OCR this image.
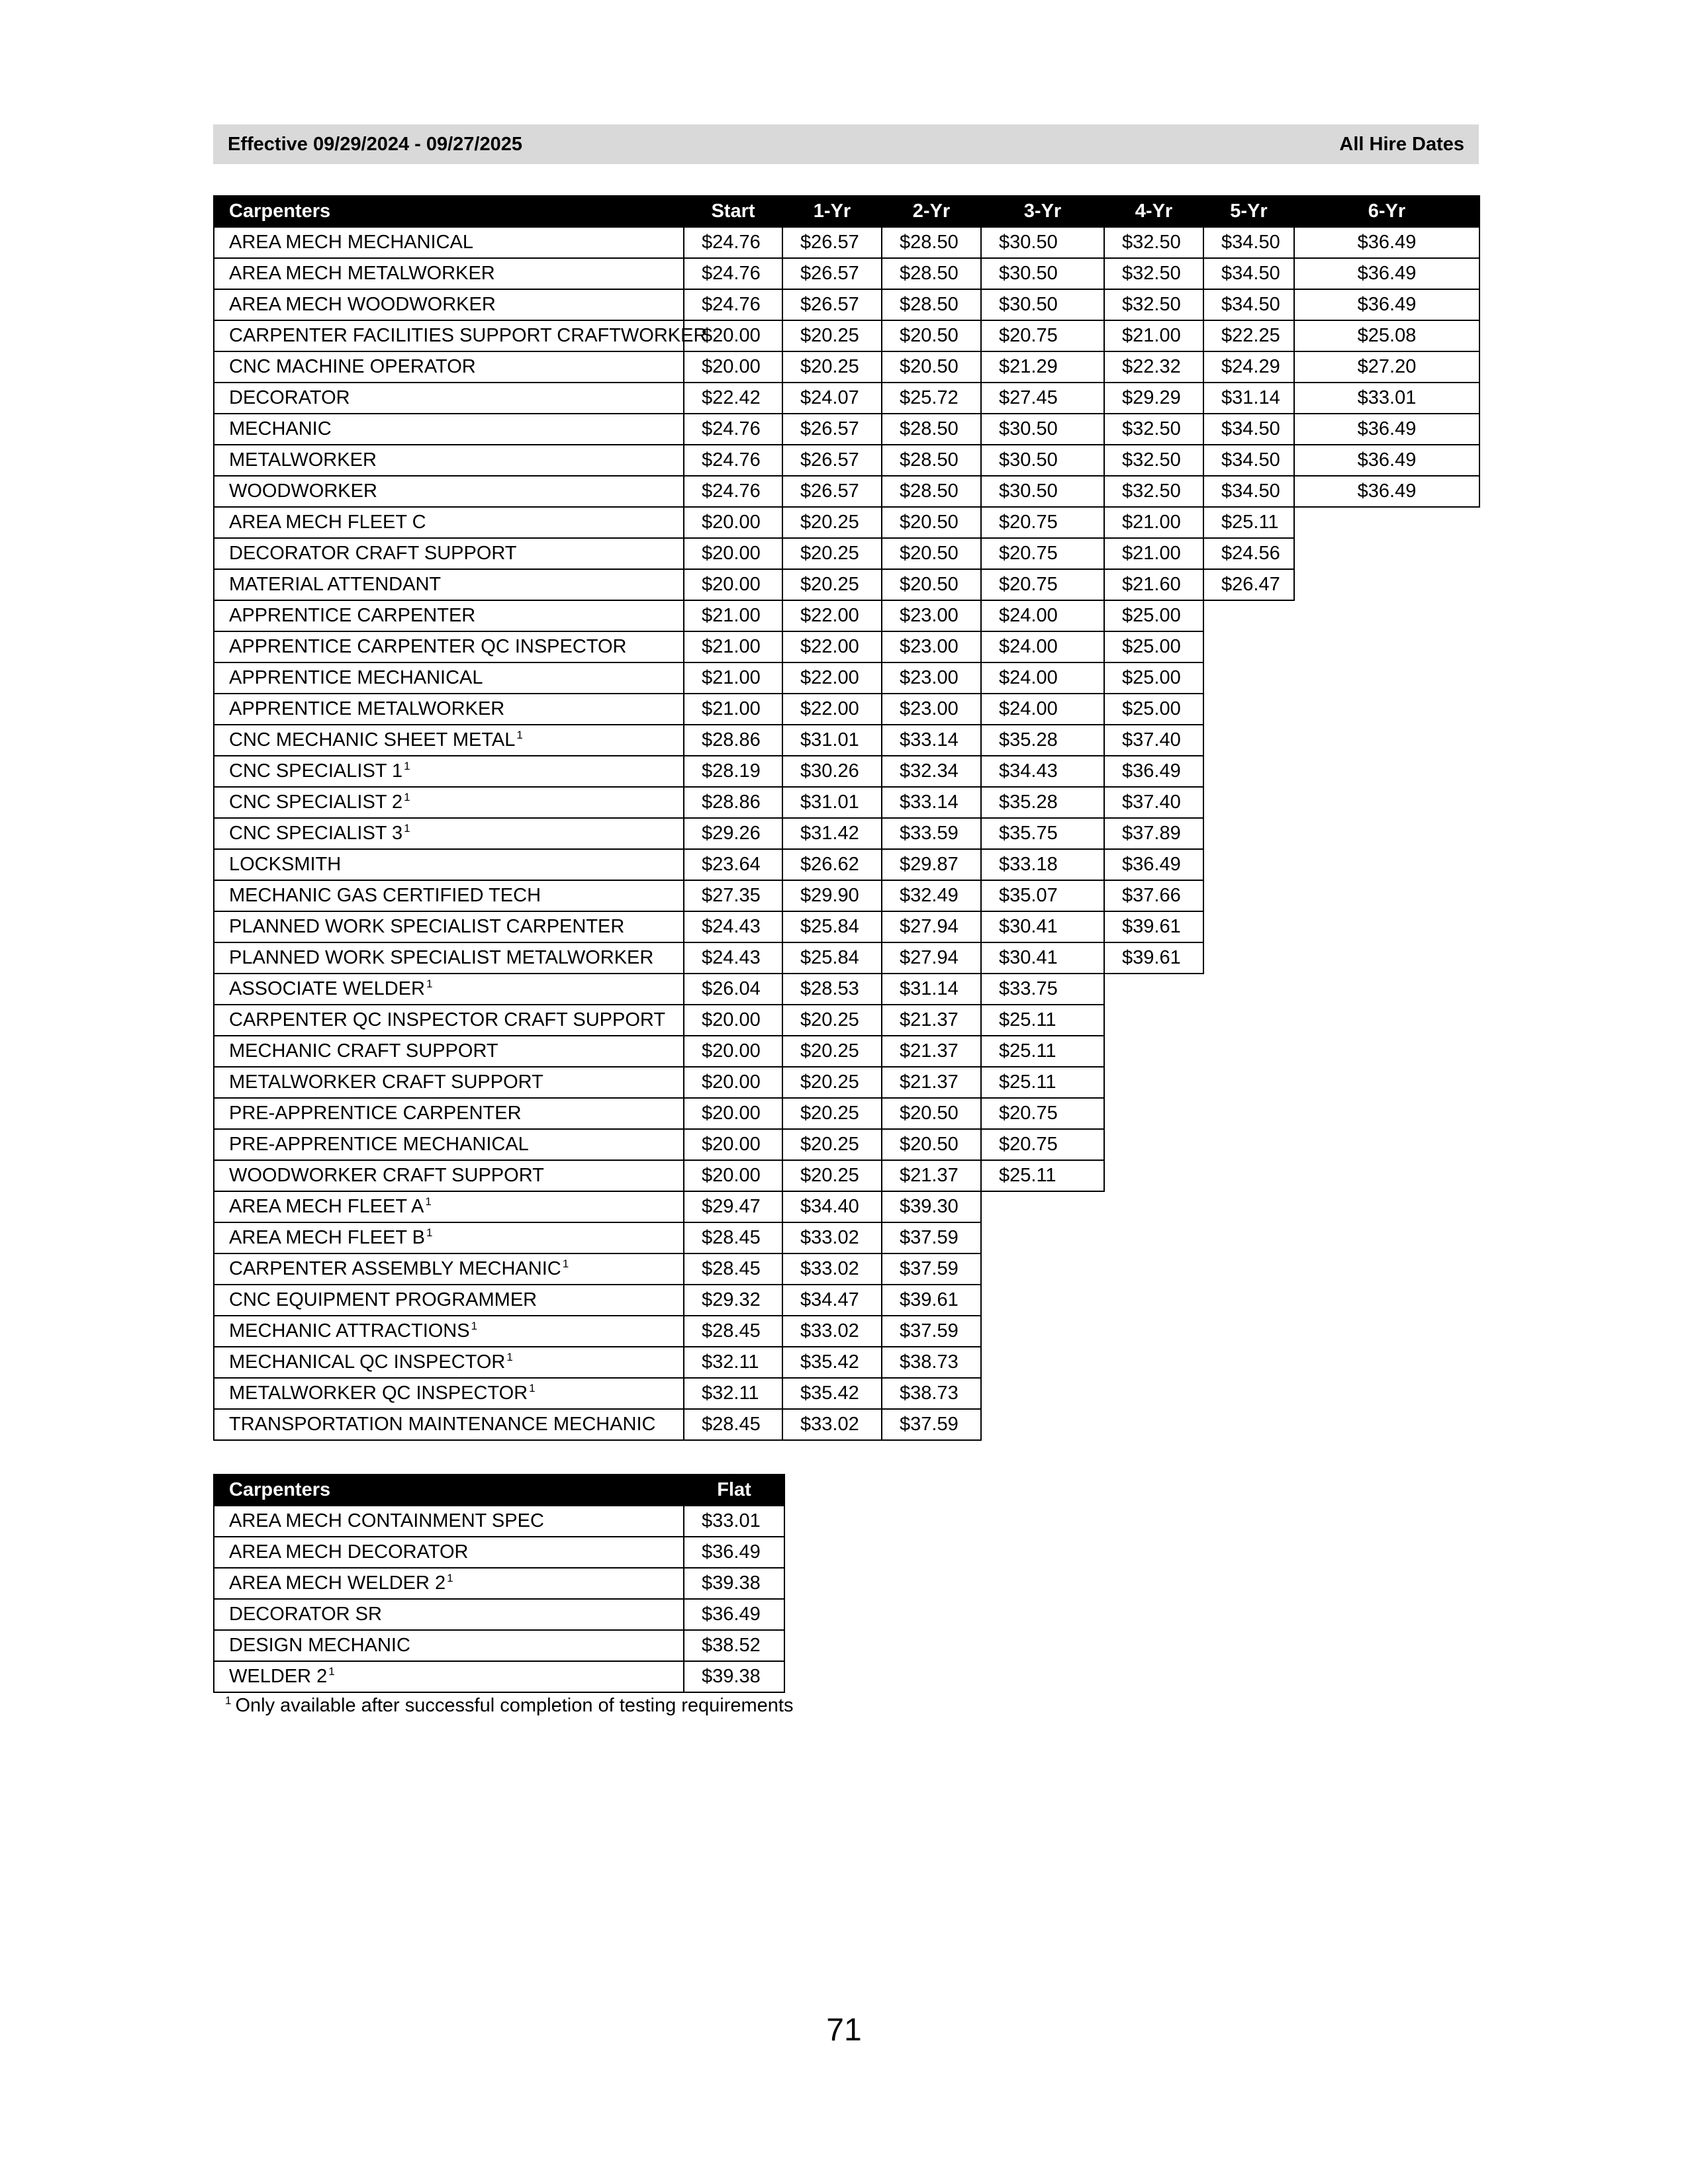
Effective 09/29/2024 - 09/27/2025	All Hire Dates
Carpenters	Start	1-Yr	2-Yr	3-Yr	4-Yr	5-Yr	6-Yr
AREA MECH MECHANICAL	$24.76	$26.57	$28.50	$30.50	$32.50	$34.50	$36.49
AREA MECH METALWORKER	$24.76	$26.57	$28.50	$30.50	$32.50	$34.50	$36.49
AREA MECH WOODWORKER	$24.76	$26.57	$28.50	$30.50	$32.50	$34.50	$36.49
CARPENTER FACILITIES SUPPORT CRAFTWORKER	$20.00	$20.25	$20.50	$20.75	$21.00	$22.25	$25.08
CNC MACHINE OPERATOR	$20.00	$20.25	$20.50	$21.29	$22.32	$24.29	$27.20
DECORATOR	$22.42	$24.07	$25.72	$27.45	$29.29	$31.14	$33.01
MECHANIC	$24.76	$26.57	$28.50	$30.50	$32.50	$34.50	$36.49
METALWORKER	$24.76	$26.57	$28.50	$30.50	$32.50	$34.50	$36.49
WOODWORKER	$24.76	$26.57	$28.50	$30.50	$32.50	$34.50	$36.49
AREA MECH FLEET C	$20.00	$20.25	$20.50	$20.75	$21.00	$25.11	
DECORATOR CRAFT SUPPORT	$20.00	$20.25	$20.50	$20.75	$21.00	$24.56	
MATERIAL ATTENDANT	$20.00	$20.25	$20.50	$20.75	$21.60	$26.47	
APPRENTICE CARPENTER	$21.00	$22.00	$23.00	$24.00	$25.00		
APPRENTICE CARPENTER QC INSPECTOR	$21.00	$22.00	$23.00	$24.00	$25.00		
APPRENTICE MECHANICAL	$21.00	$22.00	$23.00	$24.00	$25.00		
APPRENTICE METALWORKER	$21.00	$22.00	$23.00	$24.00	$25.00		
CNC MECHANIC SHEET METAL $^1$	$28.86	$31.01	$33.14	$35.28	$37.40		
CNC SPECIALIST 1 $^1$	$28.19	$30.26	$32.34	$34.43	$36.49		
CNC SPECIALIST 2 $^1$	$28.86	$31.01	$33.14	$35.28	$37.40		
CNC SPECIALIST 3 $^1$	$29.26	$31.42	$33.59	$35.75	$37.89		
LOCKSMITH	$23.64	$26.62	$29.87	$33.18	$36.49		
MECHANIC GAS CERTIFIED TECH	$27.35	$29.90	$32.49	$35.07	$37.66		
PLANNED WORK SPECIALIST CARPENTER	$24.43	$25.84	$27.94	$30.41	$39.61		
PLANNED WORK SPECIALIST METALWORKER	$24.43	$25.84	$27.94	$30.41	$39.61		
ASSOCIATE WELDER $^1$	$26.04	$28.53	$31.14	$33.75			
CARPENTER QC INSPECTOR CRAFT SUPPORT	$20.00	$20.25	$21.37	$25.11			
MECHANIC CRAFT SUPPORT	$20.00	$20.25	$21.37	$25.11			
METALWORKER CRAFT SUPPORT	$20.00	$20.25	$21.37	$25.11			
PRE-APPRENTICE CARPENTER	$20.00	$20.25	$20.50	$20.75			
PRE-APPRENTICE MECHANICAL	$20.00	$20.25	$20.50	$20.75			
WOODWORKER CRAFT SUPPORT	$20.00	$20.25	$21.37	$25.11			
AREA MECH FLEET A $^1$	$29.47	$34.40	$39.30				
AREA MECH FLEET B $^1$	$28.45	$33.02	$37.59				
CARPENTER ASSEMBLY MECHANIC $^1$	$28.45	$33.02	$37.59				
CNC EQUIPMENT PROGRAMMER	$29.32	$34.47	$39.61				
MECHANIC ATTRACTIONS $^1$	$28.45	$33.02	$37.59				
MECHANICAL QC INSPECTOR $^1$	$32.11	$35.42	$38.73				
METALWORKER QC INSPECTOR $^1$	$32.11	$35.42	$38.73				
TRANSPORTATION MAINTENANCE MECHANIC	$28.45	$33.02	$37.59				
Carpenters	Flat
AREA MECH CONTAINMENT SPEC	$33.01
AREA MECH DECORATOR	$36.49
AREA MECH WELDER 2 $^1$	$39.38
DECORATOR SR	$36.49
DESIGN MECHANIC	$38.52
WELDER 2 $^1$	$39.38
$^1$ Only available after successful completion of testing requirements
71
